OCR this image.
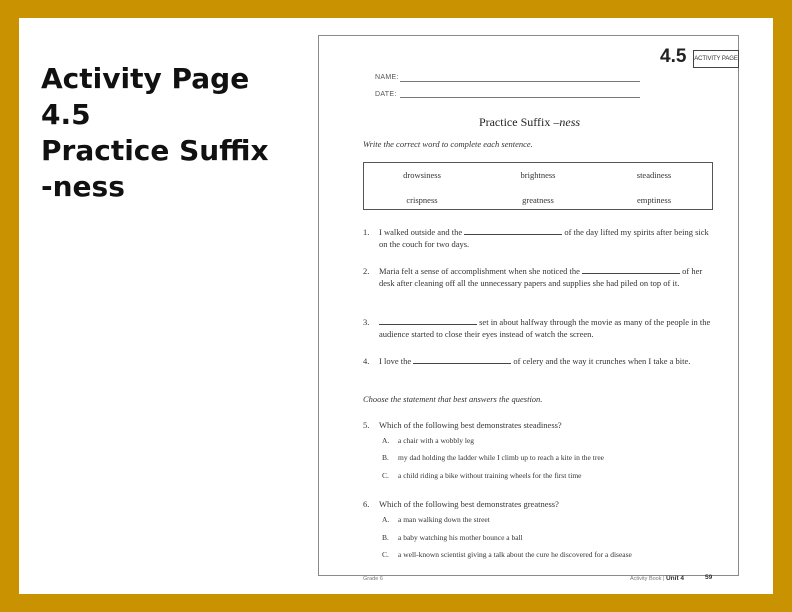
Activity Page
4.5
Practice Suffix
-ness
NAME:
DATE:
4.5 ACTIVITY PAGE
Practice Suffix –ness
Write the correct word to complete each sentence.
drowsiness	brightness	steadiness
crispness	greatness	emptiness
1. I walked outside and the	of the day lifted my spirits after being sick on the couch for two days.
2. Maria felt a sense of accomplishment when she noticed the	of her desk after cleaning off all the unnecessary papers and supplies she had piled on top of it.
3.	set in about halfway through the movie as many of the people in the audience started to close their eyes instead of watch the screen.
4. I love the	of celery and the way it crunches when I take a bite.
Choose the statement that best answers the question.
5. Which of the following best demonstrates steadiness?
A. a chair with a wobbly leg
B. my dad holding the ladder while I climb up to reach a kite in the tree
C. a child riding a bike without training wheels for the first time
6. Which of the following best demonstrates greatness?
A. a man walking down the street
B. a baby watching his mother bounce a ball
C. a well-known scientist giving a talk about the cure he discovered for a disease
Grade 6	Activity Book | Unit 4	59
